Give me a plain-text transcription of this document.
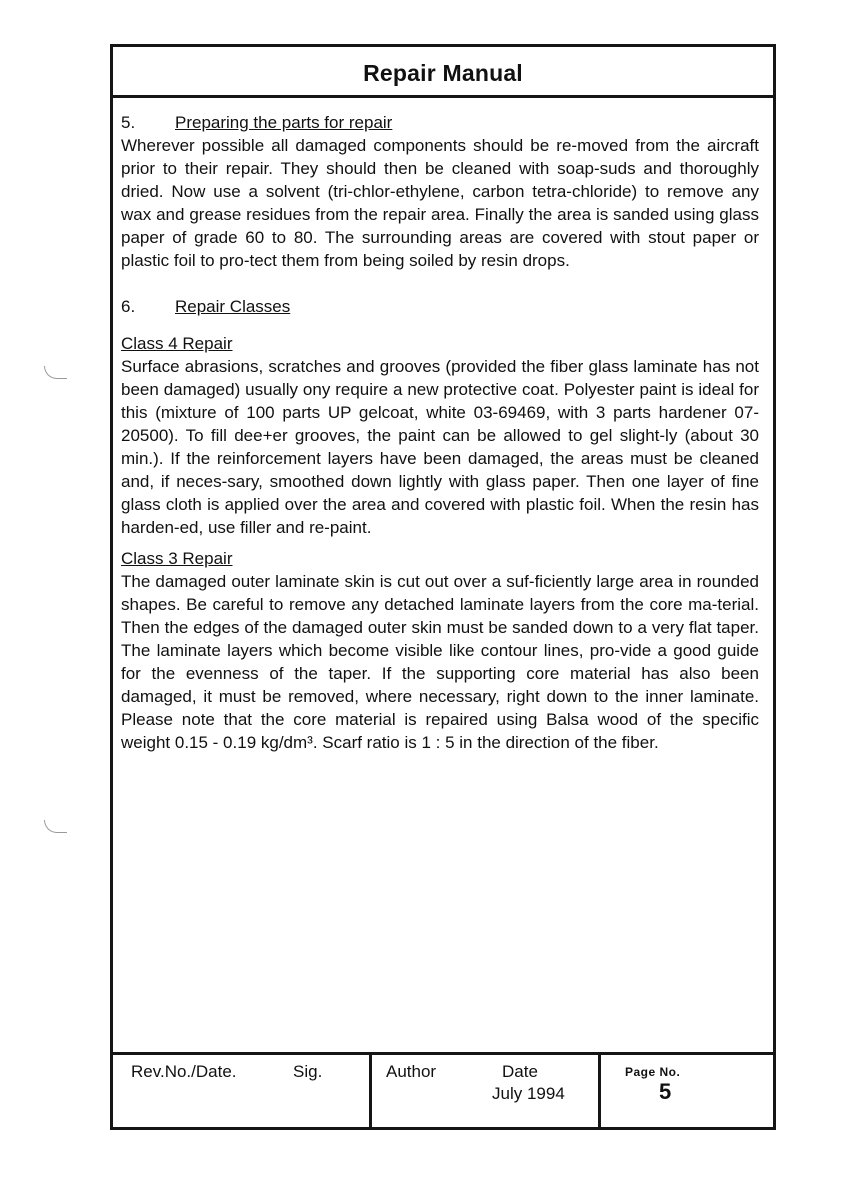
Repair Manual

5. Preparing the parts for repair

Wherever possible all damaged components should be re-moved from the aircraft prior to their repair. They should then be cleaned with soap-suds and thoroughly dried. Now use a solvent (tri-chlor-ethylene, carbon tetra-chloride) to remove any wax and grease residues from the repair area. Finally the area is sanded using glass paper of grade 60 to 80. The surrounding areas are covered with stout paper or plastic foil to pro-tect them from being soiled by resin drops.

6. Repair Classes

Class 4 Repair

Surface abrasions, scratches and grooves (provided the fiber glass laminate has not been damaged) usually ony require a new protective coat. Polyester paint is ideal for this (mixture of 100 parts UP gelcoat, white 03-69469, with 3 parts hardener 07-20500). To fill dee+er grooves, the paint can be allowed to gel slight-ly (about 30 min.). If the reinforcement layers have been damaged, the areas must be cleaned and, if neces-sary, smoothed down lightly with glass paper. Then one layer of fine glass cloth is applied over the area and covered with plastic foil. When the resin has harden-ed, use filler and re-paint.

Class 3 Repair

The damaged outer laminate skin is cut out over a suf-ficiently large area in rounded shapes. Be careful to remove any detached laminate layers from the core ma-terial. Then the edges of the damaged outer skin must be sanded down to a very flat taper. The laminate layers which become visible like contour lines, pro-vide a good guide for the evenness of the taper. If the supporting core material has also been damaged, it must be removed, where necessary, right down to the inner laminate. Please note that the core material is repaired using Balsa wood of the specific weight 0.15 - 0.19 kg/dm³. Scarf ratio is 1 : 5 in the direction of the fiber.

Rev.No./Date.	Sig.	Author	Date
July 1994
Page No.
5
